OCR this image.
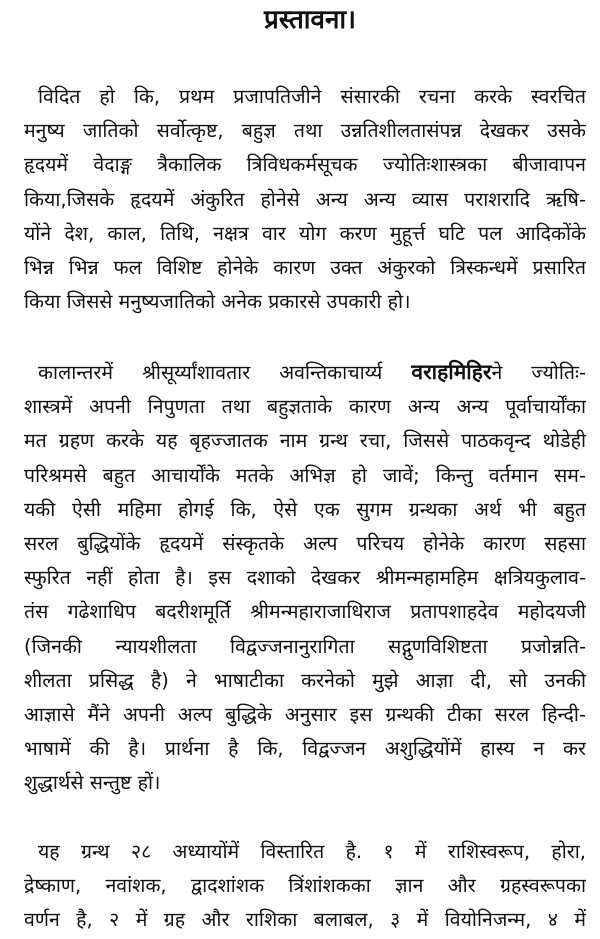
प्रस्तावना।
विदित हो कि, प्रथम प्रजापतिजीने संसारकी रचना करके स्वरचित
मनुष्य जातिको सर्वोत्कृष्ट, बहुज्ञ तथा उन्नतिशीलतासंपन्न देखकर उसके
हृदयमें वेदाङ्ग त्रैकालिक त्रिविधकर्मसूचक ज्योतिःशास्त्रका बीजावापन
किया,जिसके हृदयमें अंकुरित होनेसे अन्य अन्य व्यास पराशरादि ऋषि-
योंने देश, काल, तिथि, नक्षत्र वार योग करण मुहूर्त्त घटि पल आदिकोंके
भिन्न भिन्न फल विशिष्ट होनेके कारण उक्त अंकुरको त्रिस्कन्धमें प्रसारित
किया जिससे मनुष्यजातिको अनेक प्रकारसे उपकारी हो।
कालान्तरमें श्रीसूर्य्यांशावतार अवन्तिकाचार्य्य वराहमिहिरने ज्योतिः-
शास्त्रमें अपनी निपुणता तथा बहुज्ञताके कारण अन्य अन्य पूर्वाचार्योंका
मत ग्रहण करके यह बृहज्जातक नाम ग्रन्थ रचा, जिससे पाठकवृन्द थोडेही
परिश्रमसे बहुत आचार्योंके मतके अभिज्ञ हो जावें; किन्तु वर्तमान सम-
यकी ऐसी महिमा होगई कि, ऐसे एक सुगम ग्रन्थका अर्थ भी बहुत
सरल बुद्धियोंके हृदयमें संस्कृतके अल्प परिचय होनेके कारण सहसा
स्फुरित नहीं होता है। इस दशाको देखकर श्रीमन्महामहिम क्षत्रियकुलाव-
तंस गढेशाधिप बदरीशमूर्ति श्रीमन्महाराजाधिराज प्रतापशाहदेव महोदयजी
(जिनकी न्यायशीलता विद्वज्जनानुरागिता सद्गुणविशिष्टता प्रजोन्नति-
शीलता प्रसिद्ध है) ने भाषाटीका करनेको मुझे आज्ञा दी, सो उनकी
आज्ञासे मैंने अपनी अल्प बुद्धिके अनुसार इस ग्रन्थकी टीका सरल हिन्दी-
भाषामें की है। प्रार्थना है कि, विद्वज्जन अशुद्धियोंमें हास्य न कर
शुद्धार्थसे सन्तुष्ट हों।
यह ग्रन्थ २८ अध्यायोंमें विस्तारित है. १ में राशिस्वरूप, होरा,
द्रेष्काण, नवांशक, द्वादशांशक त्रिंशांशकका ज्ञान और ग्रहस्वरूपका
वर्णन है, २ में ग्रह और राशिका बलाबल, ३ में वियोनिजन्म, ४ में
